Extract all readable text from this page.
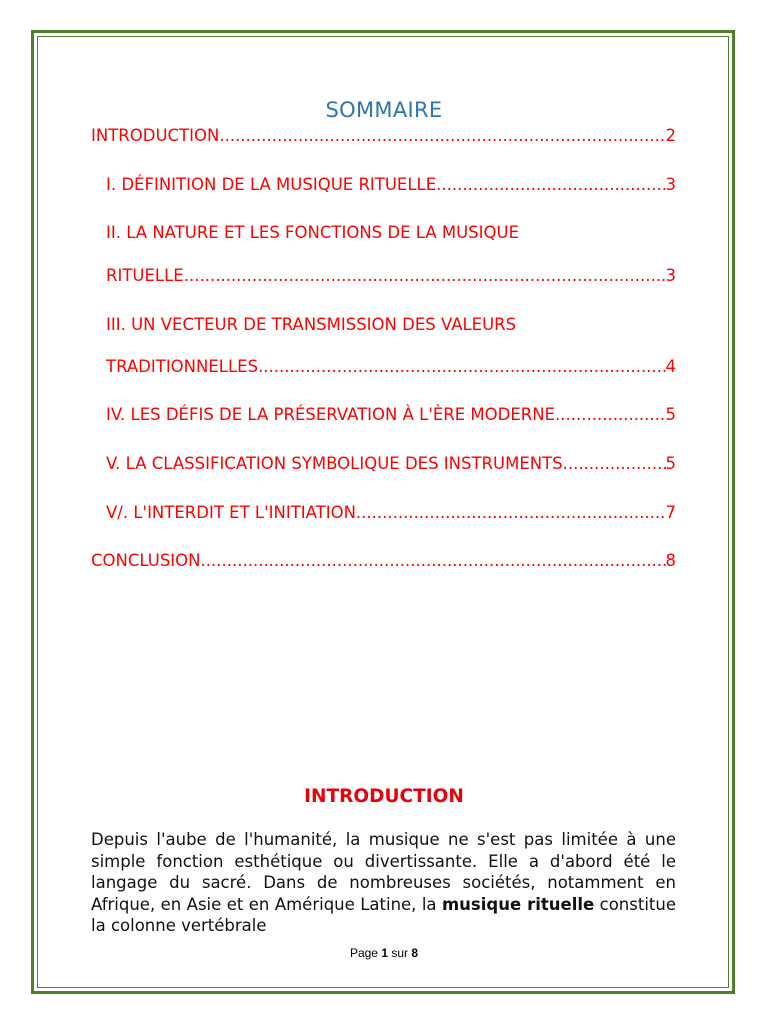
SOMMAIRE
INTRODUCTION .....	2
I. DÉFINITION DE LA MUSIQUE RITUELLE .....	3
II. LA NATURE ET LES FONCTIONS DE LA MUSIQUE
RITUELLE .....	3
III. UN VECTEUR DE TRANSMISSION DES VALEURS
TRADITIONNELLES .....	4
IV. LES DÉFIS DE LA PRÉSERVATION À L'ÈRE MODERNE .....	5
V. LA CLASSIFICATION SYMBOLIQUE DES INSTRUMENTS .....	5
V/. L'INTERDIT ET L'INITIATION .....	7
CONCLUSION .....	8
INTRODUCTION
Depuis l'aube de l'humanité, la musique ne s'est pas limitée à une simple fonction esthétique ou divertissante. Elle a d'abord été le langage du sacré. Dans de nombreuses sociétés, notamment en Afrique, en Asie et en Amérique Latine, la musique rituelle constitue la colonne vertébrale
Page 1 sur 8
